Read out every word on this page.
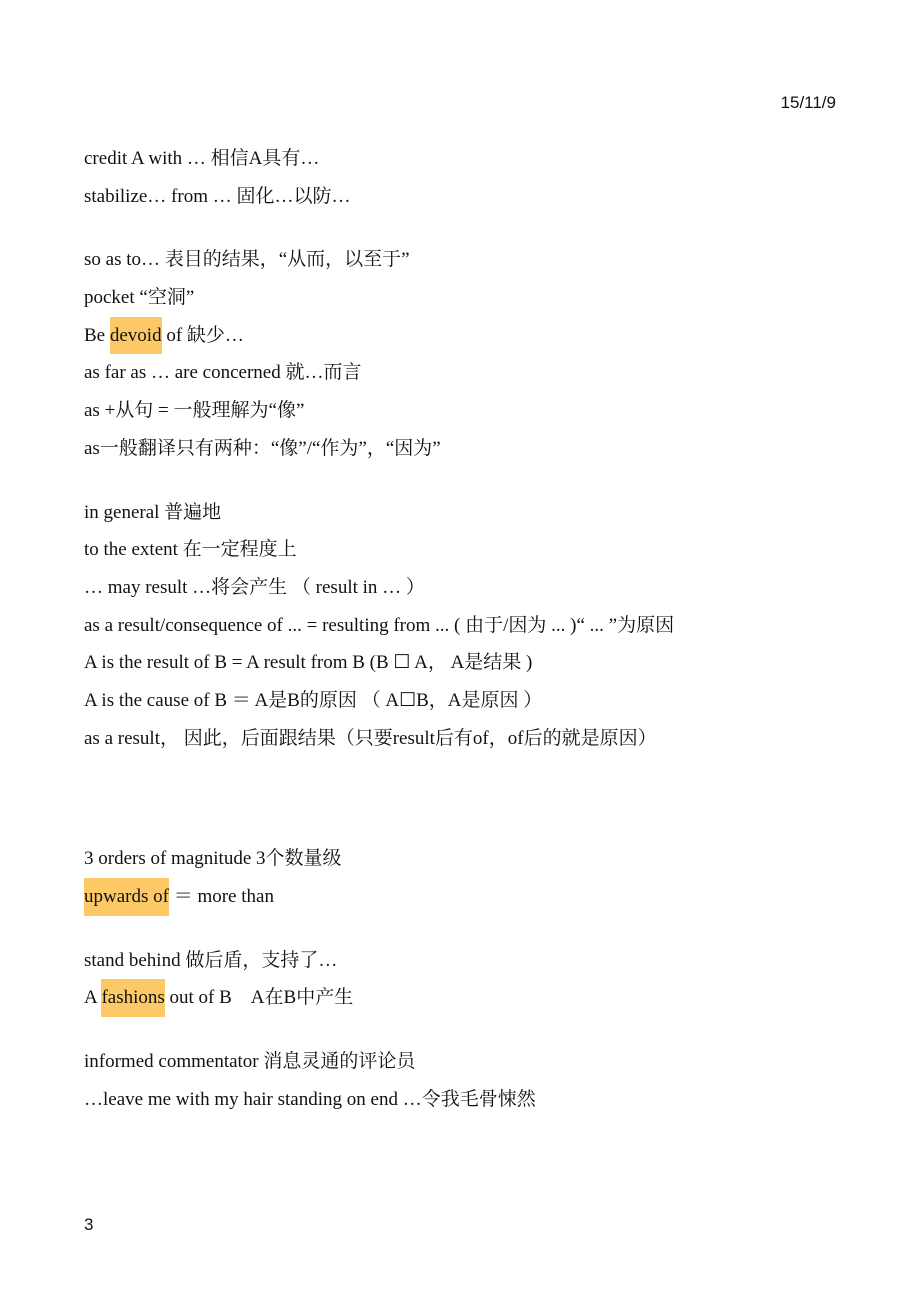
15/11/9
credit A with … 相信A具有…
stabilize… from … 固化…以防…
so as to… 表目的结果，“从而，以至于”
pocket “空洞”
Be devoid of 缺少…
as far as … are concerned 就…而言
as +从句 = 一般理解为“像”
as一般翻译只有两种：“像”/“作为”，“因为”
in general 普遍地
to the extent 在一定程度上
… may result …将会产生 （ result in … ）
as a result/consequence of ... = resulting from ... ( 由于/因为 ... )“ ... ”为原因
A is the result of B = A result from B (B ☐ A， A是结果 )
A is the cause of B ＝ A是B的原因 （ A☐B，A是原因 ）
as a result， 因此，后面跟结果（只要result后有of，of后的就是原因）
3 orders of magnitude 3个数量级
upwards of ＝ more than
stand behind 做后盾，支持了…
A fashions out of B　A在B中产生
informed commentator 消息灵通的评论员
…leave me with my hair standing on end …令我毛骨悚然
3
